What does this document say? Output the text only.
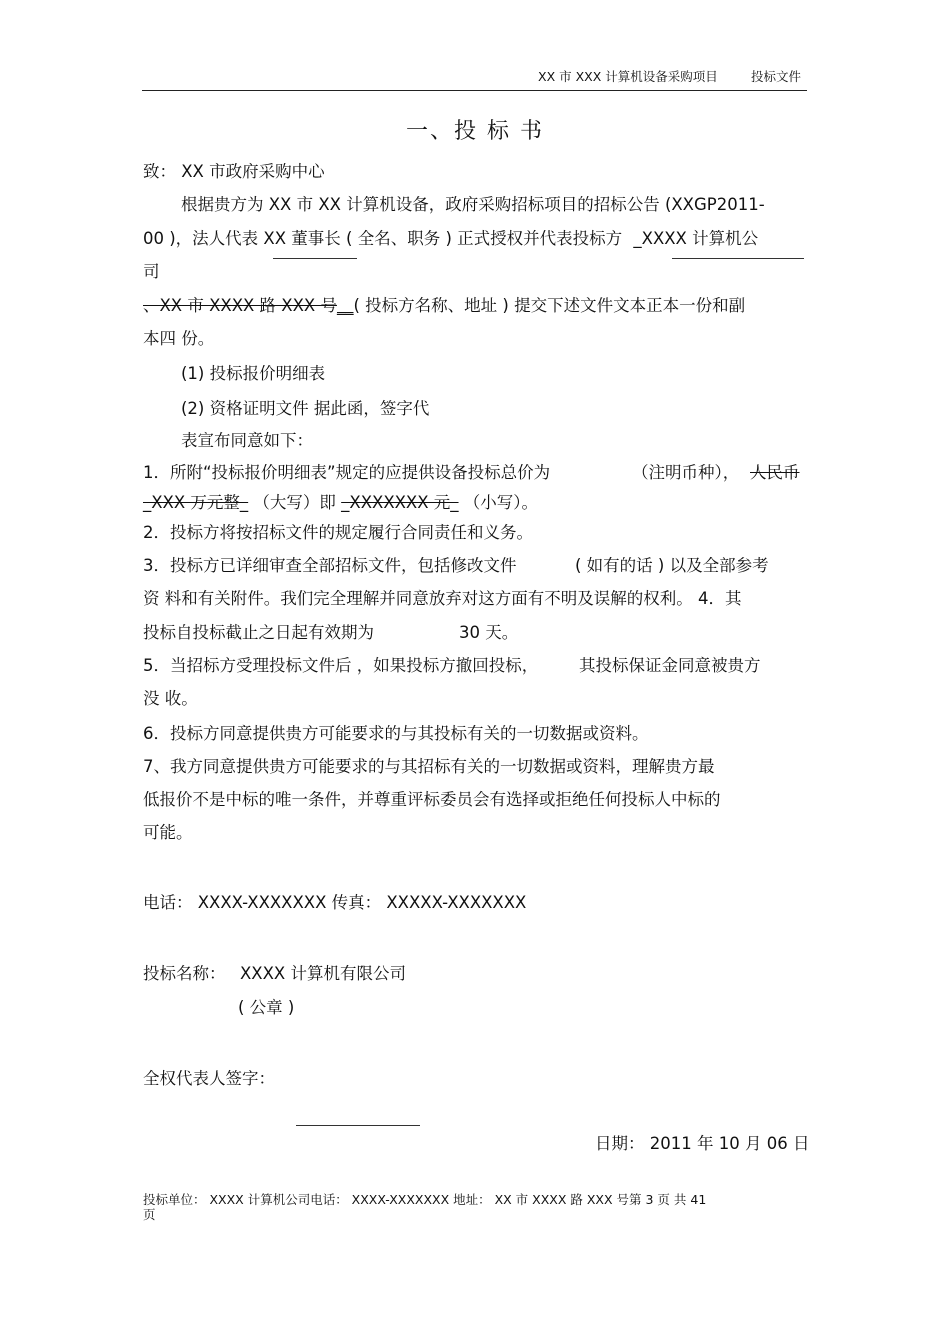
XX 市 XXX 计算机设备采购项目	投标文件
一、投 标 书
致： XX 市政府采购中心
根据贵方为 XX 市 XX 计算机设备，政府采购招标项目的招标公告 (XXGP2011-
00 )，法人代表 XX 董事长 ( 全名、职务 ) 正式授权并代表投标方 _XXXX 计算机公
司
、XX 市 XXXX 路 XXX 号__( 投标方名称、地址 ) 提交下述文件文本正本一份和副
本四 份。
(1) 投标报价明细表
(2) 资格证明文件 据此函，签字代
表宣布同意如下：
1．所附“投标报价明细表”规定的应提供设备投标总价为	（注明币种）， 人民币
_XXX 万元整_ （大写）即 _XXXXXXX 元_ （小写）。
2．投标方将按招标文件的规定履行合同责任和义务。
3．投标方已详细审查全部招标文件，包括修改文件	( 如有的话 ) 以及全部参考
资 料和有关附件。我们完全理解并同意放弃对这方面有不明及误解的权利。 4．其
投标自投标截止之日起有效期为	30 天。
5．当招标方受理投标文件后 ，如果投标方撤回投标， 其投标保证金同意被贵方
没 收。
6．投标方同意提供贵方可能要求的与其投标有关的一切数据或资料。
7、我方同意提供贵方可能要求的与其招标有关的一切数据或资料，理解贵方最
低报价不是中标的唯一条件，并尊重评标委员会有选择或拒绝任何投标人中标的
可能。
电话： XXXX-XXXXXXX 传真： XXXXX-XXXXXXX
投标名称： XXXX 计算机有限公司
( 公章 )
全权代表人签字：
日期： 2011 年 10 月 06 日
投标单位： XXXX 计算机公司电话： XXXX-XXXXXXX 地址： XX 市 XXXX 路 XXX 号第 3 页 共 41
页
